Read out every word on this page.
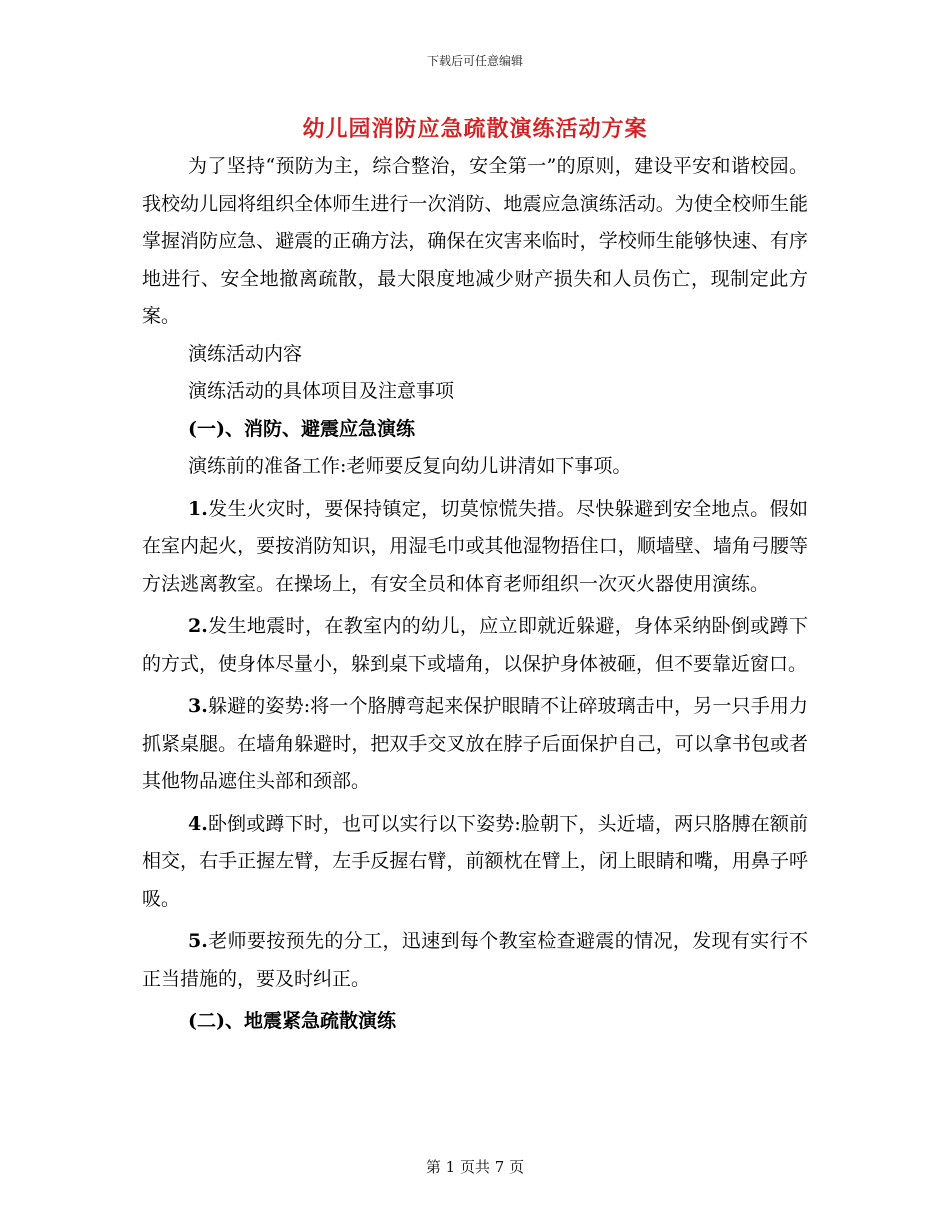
下载后可任意编辑
幼儿园消防应急疏散演练活动方案

为了坚持“预防为主，综合整治，安全第一”的原则，建设平安和谐校园。我校幼儿园将组织全体师生进行一次消防、地震应急演练活动。为使全校师生能掌握消防应急、避震的正确方法，确保在灾害来临时，学校师生能够快速、有序地进行、安全地撤离疏散，最大限度地减少财产损失和人员伤亡，现制定此方案。

演练活动内容

演练活动的具体项目及注意事项

(一)、消防、避震应急演练

演练前的准备工作:老师要反复向幼儿讲清如下事项。

1.发生火灾时，要保持镇定，切莫惊慌失措。尽快躲避到安全地点。假如在室内起火，要按消防知识，用湿毛巾或其他湿物捂住口，顺墙壁、墙角弓腰等方法逃离教室。在操场上，有安全员和体育老师组织一次灭火器使用演练。

2.发生地震时，在教室内的幼儿，应立即就近躲避，身体采纳卧倒或蹲下的方式，使身体尽量小，躲到桌下或墙角，以保护身体被砸，但不要靠近窗口。

3.躲避的姿势:将一个胳膊弯起来保护眼睛不让碎玻璃击中，另一只手用力抓紧桌腿。在墙角躲避时，把双手交叉放在脖子后面保护自己，可以拿书包或者其他物品遮住头部和颈部。

4.卧倒或蹲下时，也可以实行以下姿势:脸朝下，头近墙，两只胳膊在额前相交，右手正握左臂，左手反握右臂，前额枕在臂上，闭上眼睛和嘴，用鼻子呼吸。

5.老师要按预先的分工，迅速到每个教室检查避震的情况，发现有实行不正当措施的，要及时纠正。

(二)、地震紧急疏散演练

第 1 页共 7 页
